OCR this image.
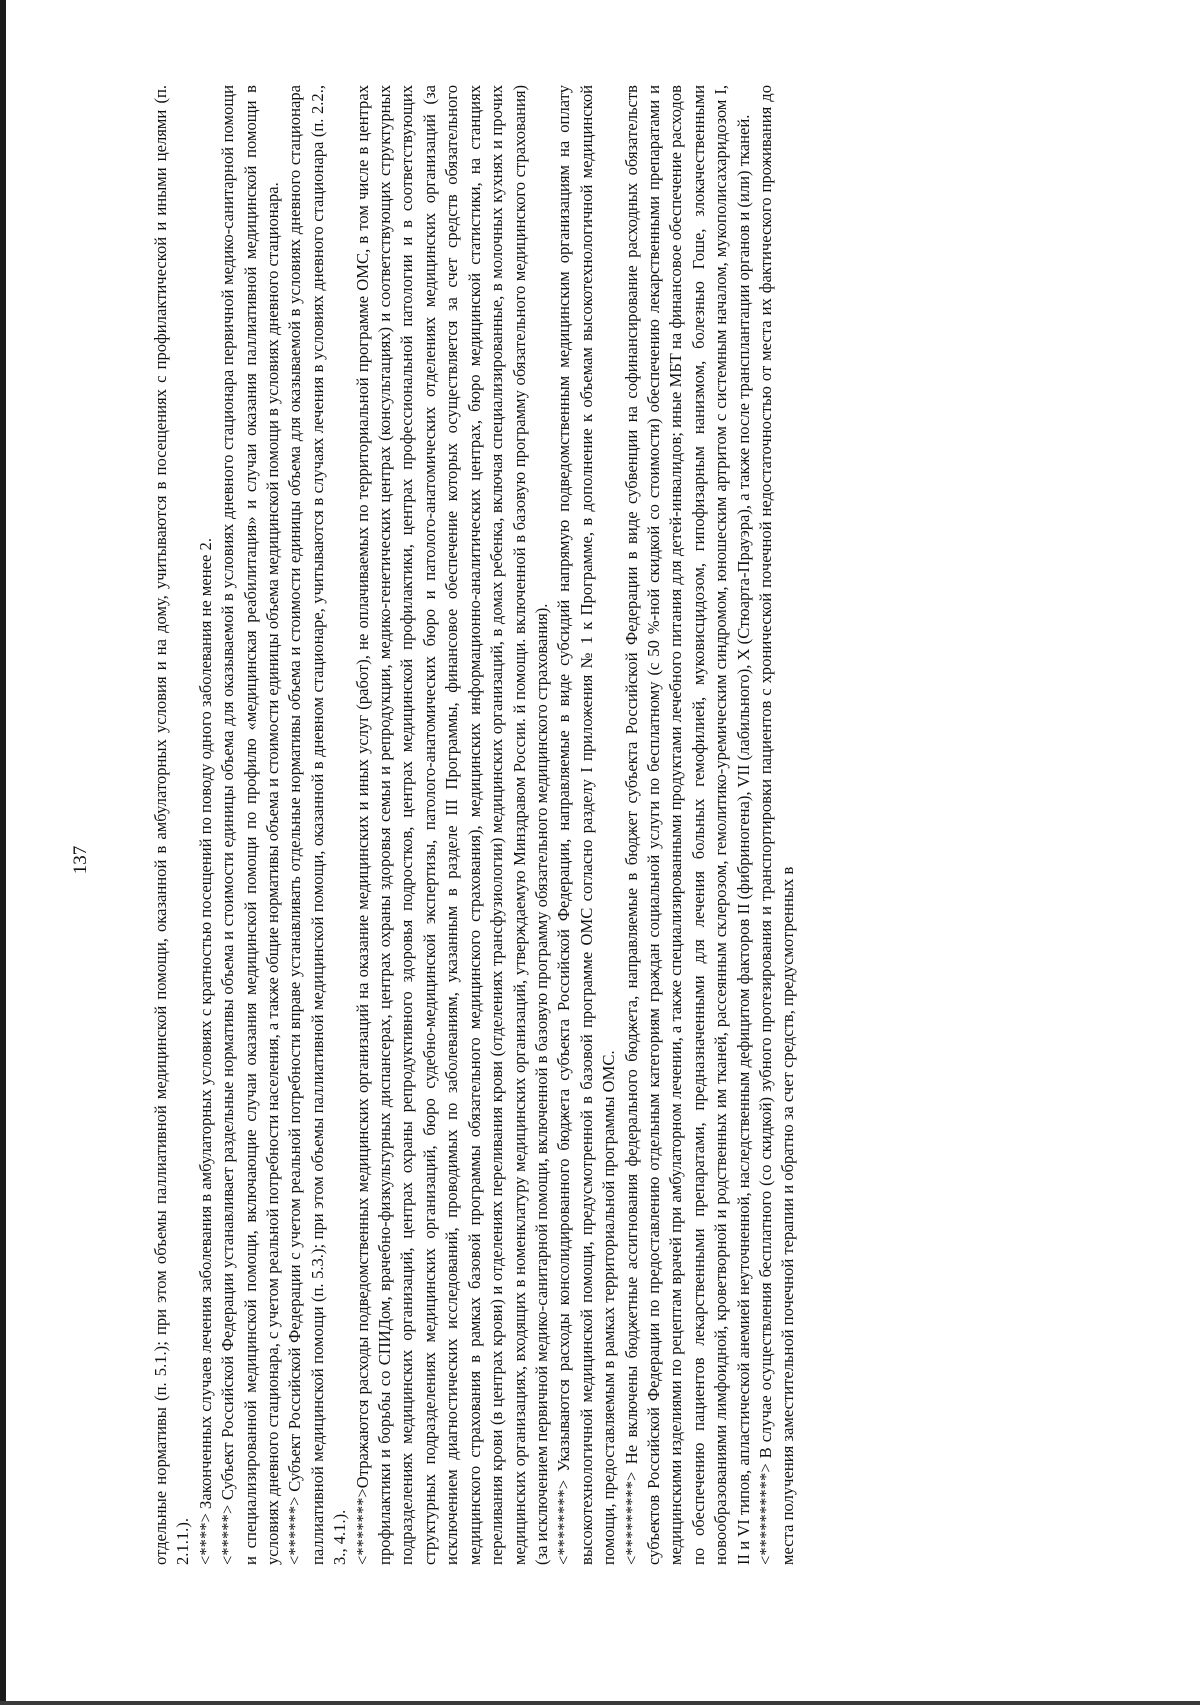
137	отдельные нормативы (п. 5.1.); при этом объемы паллиативной медицинской помощи, оказанной в амбулаторных условия и на дому, учитываются в посещениях с профилактической и иными целями (п. 2.1.1.). <****> Законченных случаев лечения заболевания в амбулаторных условиях с кратностью посещений по поводу одного заболевания не менее 2. <*****> Субъект Российской Федерации устанавливает раздельные нормативы объема и стоимости единицы объема для оказываемой в условиях дневного стационара первичной медико-санитарной помощи и специализированной медицинской помощи, включающие случаи оказания медицинской помощи по профилю «медицинская реабилитация» и случаи оказания паллиативной медицинской помощи в условиях дневного стационара, с учетом реальной потребности населения, а также общие нормативы объема и стоимости единицы объема медицинской помощи в условиях дневного стационара. <******> Субъект Российской Федерации с учетом реальной потребности вправе устанавливать отдельные нормативы объема и стоимости единицы объема для оказываемой в условиях дневного стационара паллиативной медицинской помощи (п. 5.3.); при этом объемы паллиативной медицинской помощи, оказанной в дневном стационаре, учитываются в случаях лечения в условиях дневного стационара (п. 2.2., 3., 4.1.). <*******>Отражаются расходы подведомственных медицинских организаций на оказание медицинских и иных услуг (работ), не оплачиваемых по территориальной программе ОМС, в том числе в центрах профилактики и борьбы со СПИДом, врачебно-физкультурных диспансерах, центрах охраны здоровья семьи и репродукции, медико-генетических центрах (консультациях) и соответствующих структурных подразделениях медицинских организаций, центрах охраны репродуктивного здоровья подростков, центрах медицинской профилактики, центрах профессиональной патологии и в соответствующих структурных подразделениях медицинских организаций, бюро судебно-медицинской экспертизы, патолого-анатомических бюро и патолого-анатомических отделениях медицинских организаций (за исключением диагностических исследований, проводимых по заболеваниям, указанным в разделе III Программы, финансовое обеспечение которых осуществляется за счет средств обязательного медицинского страхования в рамках базовой программы обязательного медицинского страхования), медицинских информационно-аналитических центрах, бюро медицинской статистики, на станциях переливания крови (в центрах крови) и отделениях переливания крови (отделениях трансфузиологии) медицинских организаций, в домах ребенка, включая специализированные, в молочных кухнях и прочих медицинских организациях, входящих в номенклатуру медицинских организаций, утверждаемую Минздравом России. й помощи. включенной в базовую программу обязательного медицинского страхования) (за исключением первичной медико-санитарной помощи, включенной в базовую программу обязательного медицинского страхования). <********> Указываются расходы консолидированного бюджета субъекта Российской Федерации, направляемые в виде субсидий напрямую подведомственным медицинским организациям на оплату высокотехнологичной медицинской помощи, предусмотренной в базовой программе ОМС согласно разделу I приложения № 1 к Программе, в дополнение к объемам высокотехнологичной медицинской помощи, предоставляемым в рамках территориальной программы ОМС. <*********> Не включены бюджетные ассигнования федерального бюджета, направляемые в бюджет субъекта Российской Федерации в виде субвенции на софинансирование расходных обязательств субъектов Российской Федерации по предоставлению отдельным категориям граждан социальной услуги по бесплатному (с 50 %-ной скидкой со стоимости) обеспечению лекарственными препаратами и медицинскими изделиями по рецептам врачей при амбулаторном лечении, а также специализированными продуктами лечебного питания для детей-инвалидов; иные МБТ на финансовое обеспечение расходов по обеспечению пациентов лекарственными препаратами, предназначенными для лечения больных гемофилией, муковисцидозом, гипофизарным нанизмом, болезнью Гоше, злокачественными новообразованиями лимфоидной, кроветворной и родственных им тканей, рассеянным склерозом, гемолитико-уремическим синдромом, юношеским артритом с системным началом, мукополисахаридозом I, II и VI типов, апластической анемией неуточненной, наследственным дефицитом факторов II (фибриногена), VII (лабильного), X (Стюарта-Прауэра), а также после трансплантации органов и (или) тканей. <**********> В случае осуществления бесплатного (со скидкой) зубного протезирования и транспортировки пациентов с хронической почечной недостаточностью от места их фактического проживания до места получения заместительной почечной терапии и обратно за счет средств, предусмотренных в
